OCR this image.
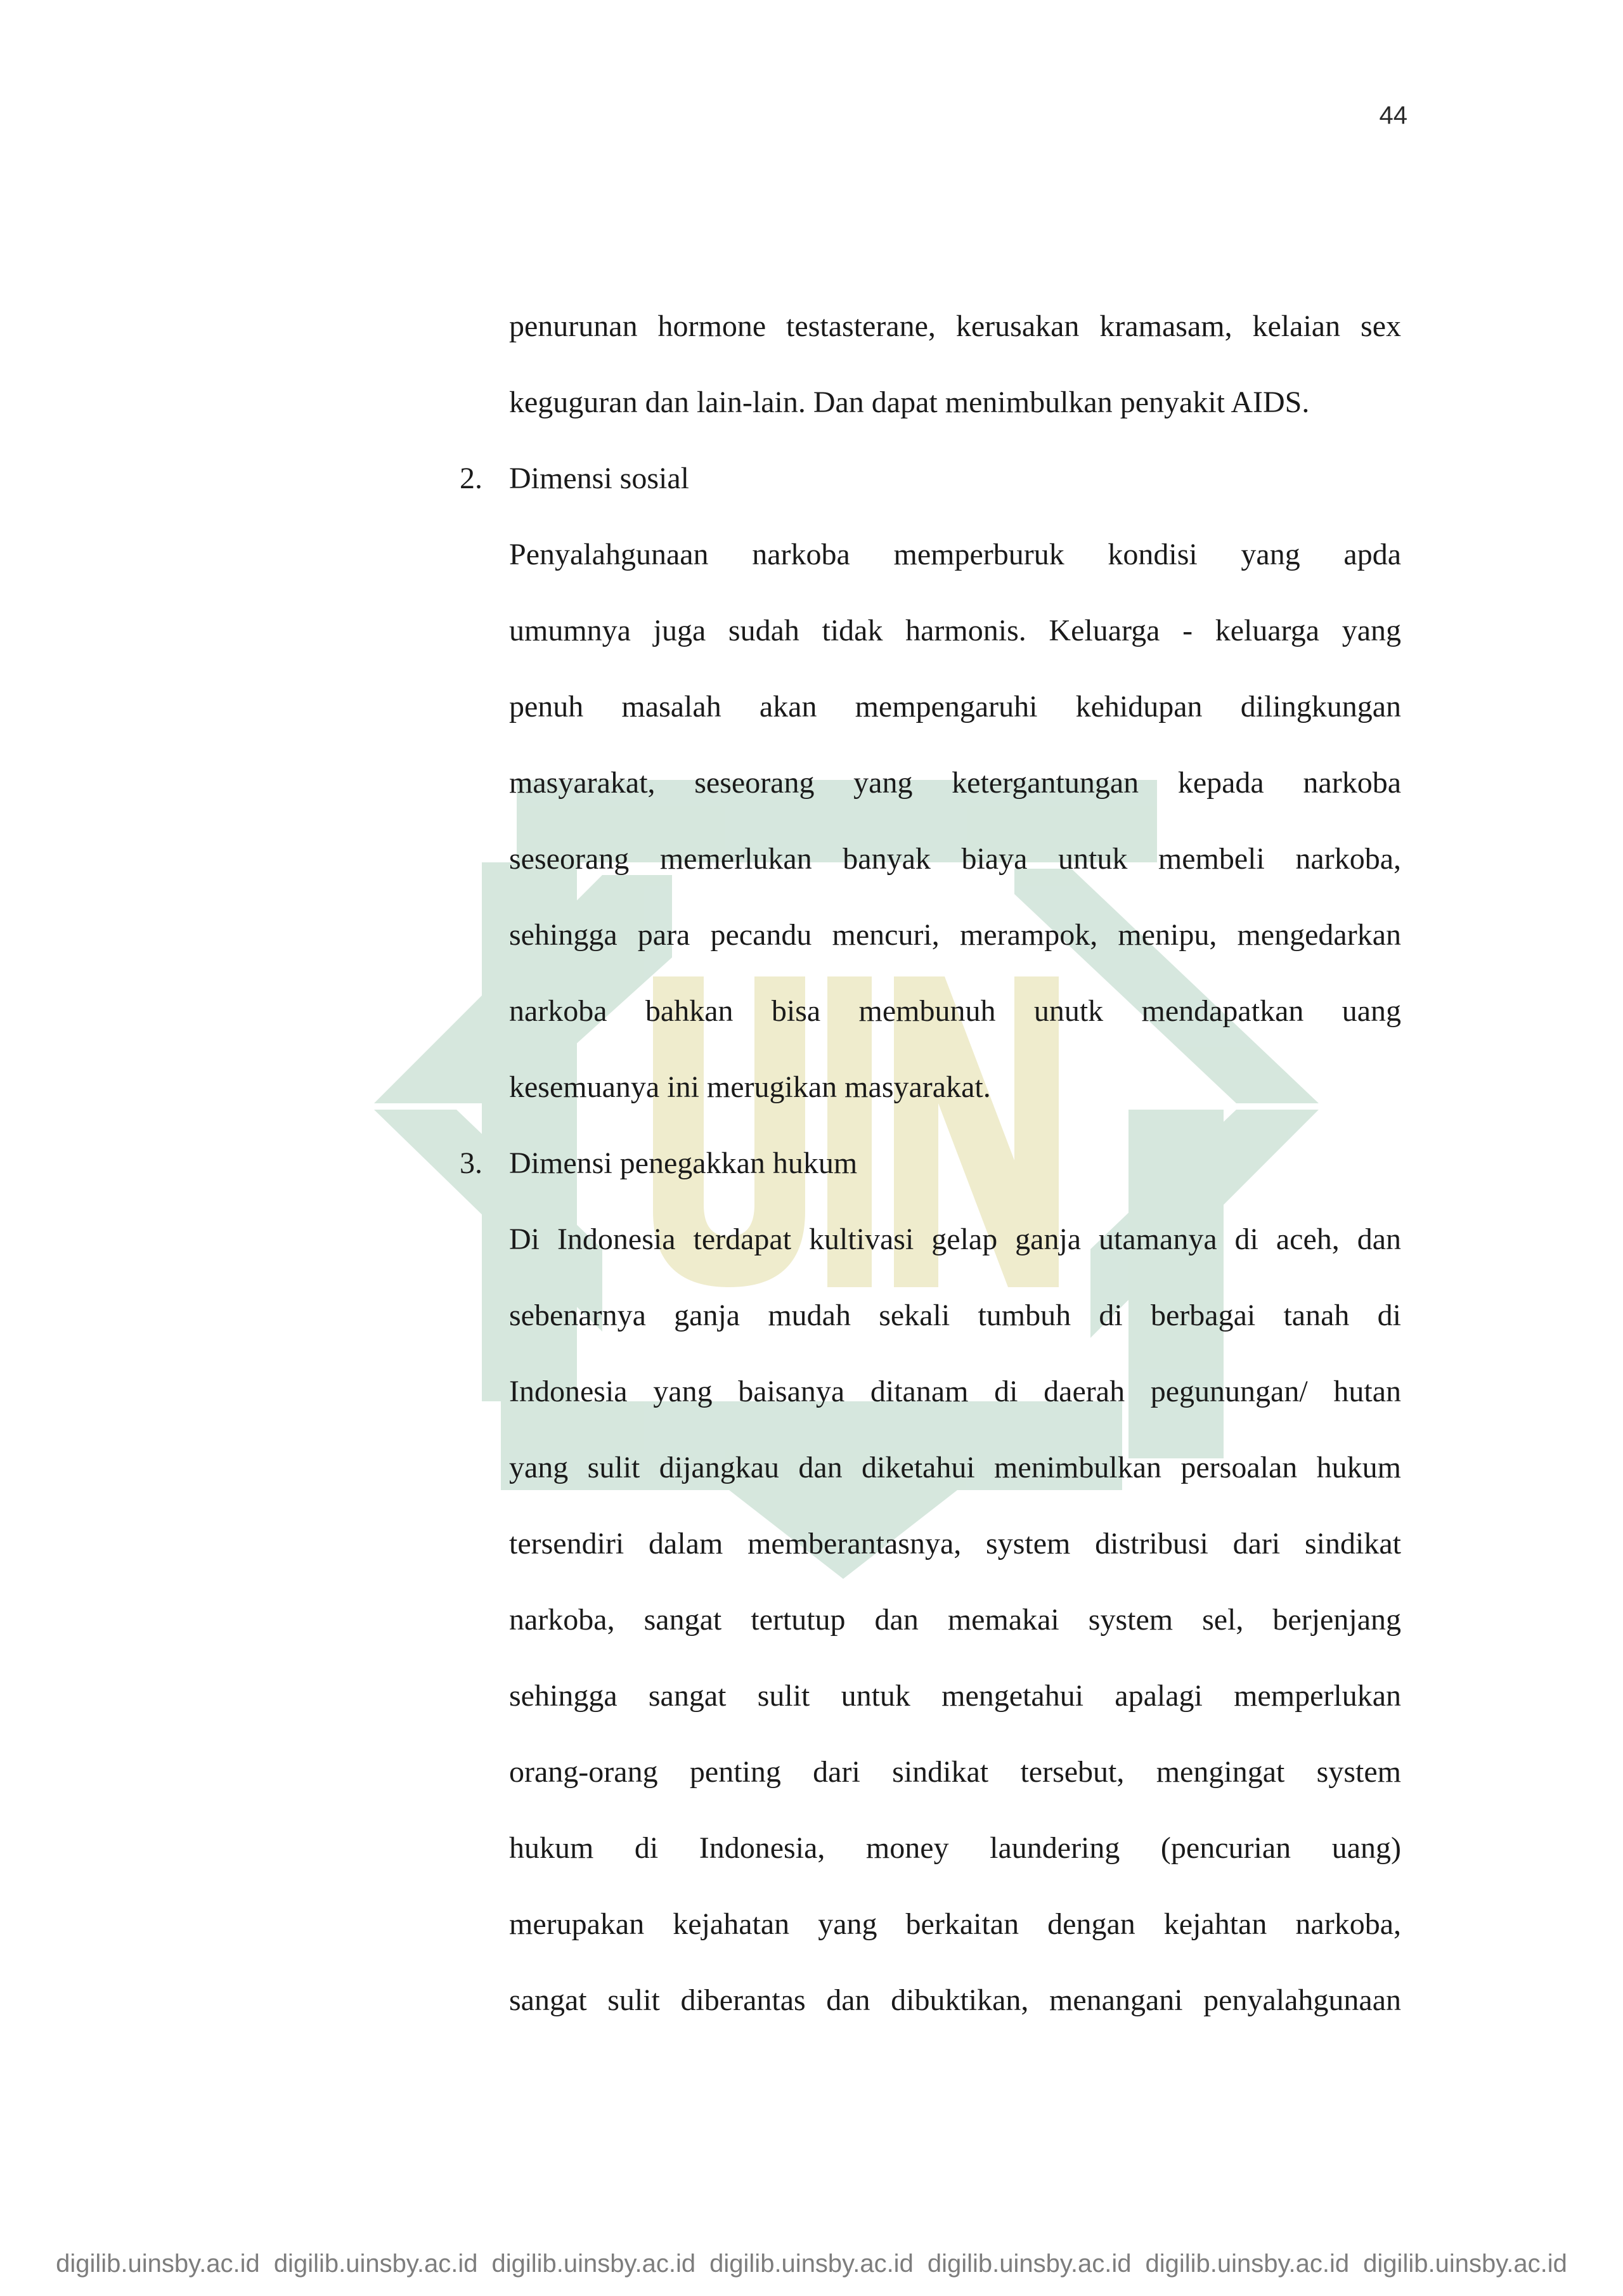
44
penurunan hormone testasterane, kerusakan kramasam, kelaian sex
keguguran dan lain-lain. Dan dapat menimbulkan penyakit AIDS.
2. Dimensi sosial
Penyalahgunaan narkoba memperburuk kondisi yang apda
umumnya juga sudah tidak harmonis. Keluarga - keluarga yang
penuh masalah akan mempengaruhi kehidupan dilingkungan
masyarakat, seseorang yang ketergantungan kepada narkoba
seseorang memerlukan banyak biaya untuk membeli narkoba,
sehingga para pecandu mencuri, merampok, menipu, mengedarkan
narkoba bahkan bisa membunuh unutk mendapatkan uang
kesemuanya ini merugikan masyarakat.
3. Dimensi penegakkan hukum
Di Indonesia terdapat kultivasi gelap ganja utamanya di aceh, dan
sebenarnya ganja mudah sekali tumbuh di berbagai tanah di
Indonesia yang baisanya ditanam di daerah pegunungan/ hutan
yang sulit dijangkau dan diketahui menimbulkan persoalan hukum
tersendiri dalam memberantasnya, system distribusi dari sindikat
narkoba, sangat tertutup dan memakai system sel, berjenjang
sehingga sangat sulit untuk mengetahui apalagi memperlukan
orang-orang penting dari sindikat tersebut, mengingat system
hukum di Indonesia, money laundering (pencurian uang)
merupakan kejahatan yang berkaitan dengan kejahtan narkoba,
sangat sulit diberantas dan dibuktikan, menangani penyalahgunaan
digilib.uinsby.ac.id digilib.uinsby.ac.id digilib.uinsby.ac.id digilib.uinsby.ac.id digilib.uinsby.ac.id digilib.uinsby.ac.id digilib.uinsby.ac.id
